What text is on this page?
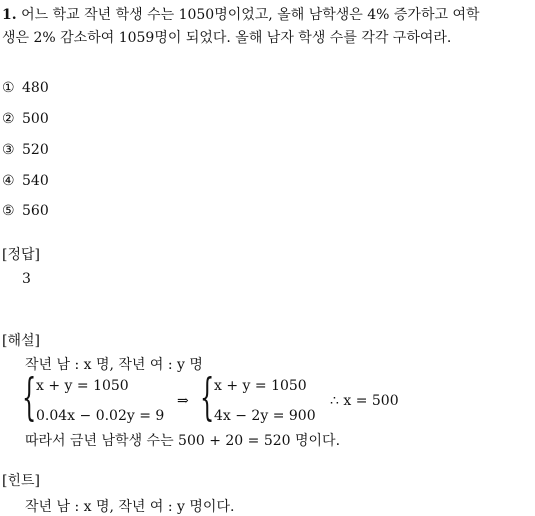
1. 어느 학교 작년 학생 수는 1050명이었고, 올해 남학생은 4% 증가하고 여학
생은 2% 감소하여 1059명이 되었다. 올해 남자 학생 수를 각각 구하여라.
① 480
② 500
③ 520
④ 540
⑤ 560
[정답]
3
[해설]
작년 남 : x 명, 작년 여 : y 명
{ x + y = 1050
0.04x − 0.02y = 9
⇒ { x + y = 1050
4x − 2y = 900
∴ x = 500
따라서 금년 남학생 수는 500 + 20 = 520 명이다.
[힌트]
작년 남 : x 명, 작년 여 : y 명이다.
